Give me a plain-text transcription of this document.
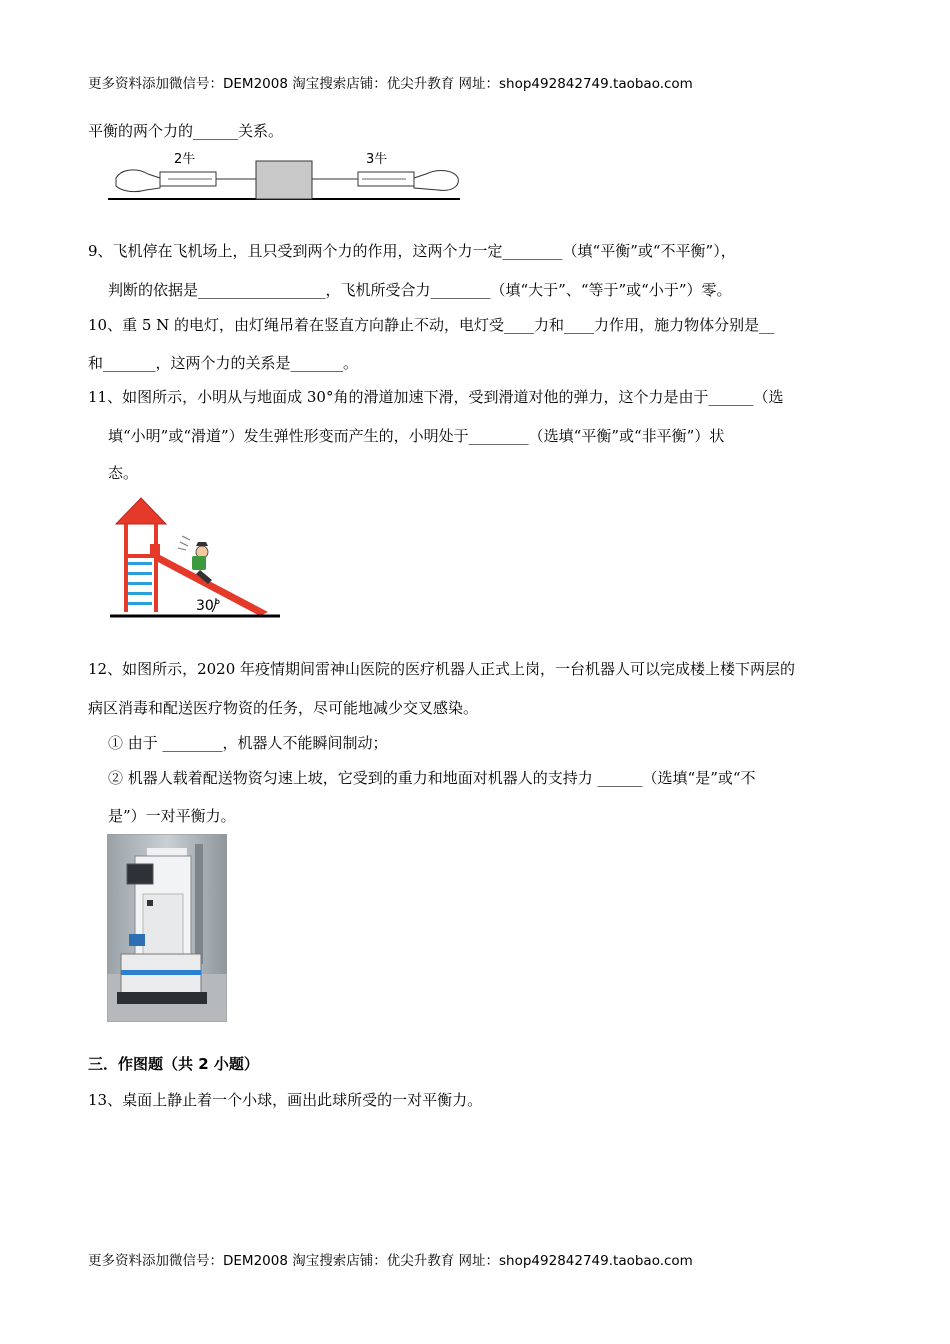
更多资料添加微信号：DEM2008 淘宝搜索店铺：优尖升教育 网址：shop492842749.taobao.com
平衡的两个力的______关系。
2牛	3牛
9、飞机停在飞机场上，且只受到两个力的作用，这两个力一定________（填“平衡”或“不平衡”），
判断的依据是_________________，飞机所受合力________（填“大于”、“等于”或“小于”）零。
10、重 5 N 的电灯，由灯绳吊着在竖直方向静止不动，电灯受____力和____力作用，施力物体分别是__
和_______，这两个力的关系是_______。
11、如图所示，小明从与地面成 30°角的滑道加速下滑，受到滑道对他的弹力，这个力是由于______（选
填“小明”或“滑道”）发生弹性形变而产生的，小明处于________（选填“平衡”或“非平衡”）状
态。
30°
12、如图所示，2020 年疫情期间雷神山医院的医疗机器人正式上岗，一台机器人可以完成楼上楼下两层的
病区消毒和配送医疗物资的任务，尽可能地减少交叉感染。
① 由于 ________，机器人不能瞬间制动；
② 机器人载着配送物资匀速上坡，它受到的重力和地面对机器人的支持力 ______（选填“是”或“不
是”）一对平衡力。
三．作图题（共 2 小题）
13、桌面上静止着一个小球，画出此球所受的一对平衡力。
更多资料添加微信号：DEM2008 淘宝搜索店铺：优尖升教育 网址：shop492842749.taobao.com
